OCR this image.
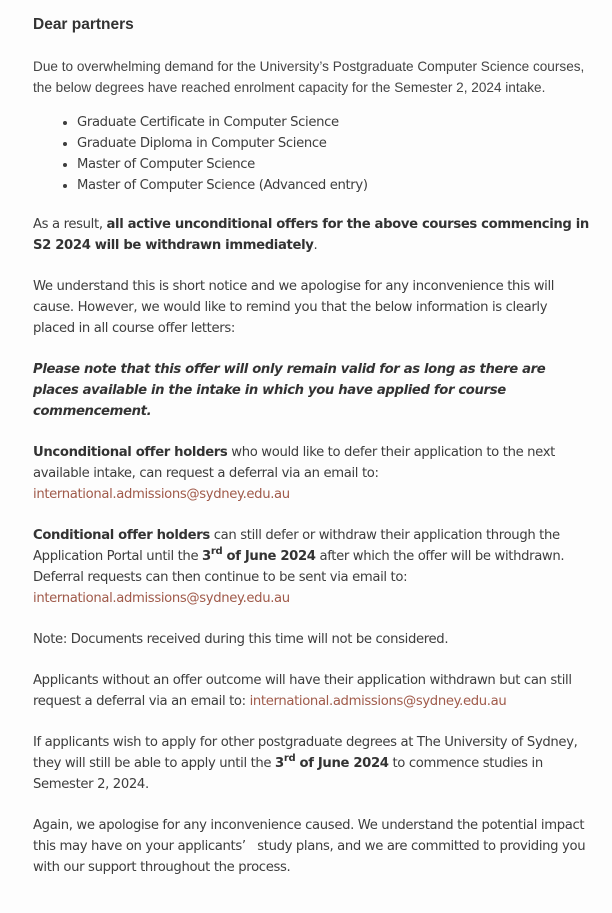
Dear partners

Due to overwhelming demand for the University’s Postgraduate Computer Science courses, the below degrees have reached enrolment capacity for the Semester 2, 2024 intake.

• Graduate Certificate in Computer Science
• Graduate Diploma in Computer Science
• Master of Computer Science
• Master of Computer Science (Advanced entry)

As a result, all active unconditional offers for the above courses commencing in S2 2024 will be withdrawn immediately.

We understand this is short notice and we apologise for any inconvenience this will cause. However, we would like to remind you that the below information is clearly placed in all course offer letters:

Please note that this offer will only remain valid for as long as there are places available in the intake in which you have applied for course commencement.

Unconditional offer holders who would like to defer their application to the next available intake, can request a deferral via an email to:
international.admissions@sydney.edu.au

Conditional offer holders can still defer or withdraw their application through the Application Portal until the 3rd of June 2024 after which the offer will be withdrawn. Deferral requests can then continue to be sent via email to:
international.admissions@sydney.edu.au

Note: Documents received during this time will not be considered.

Applicants without an offer outcome will have their application withdrawn but can still request a deferral via an email to: international.admissions@sydney.edu.au

If applicants wish to apply for other postgraduate degrees at The University of Sydney, they will still be able to apply until the 3rd of June 2024 to commence studies in Semester 2, 2024.

Again, we apologise for any inconvenience caused. We understand the potential impact this may have on your applicants’   study plans, and we are committed to providing you with our support throughout the process.
